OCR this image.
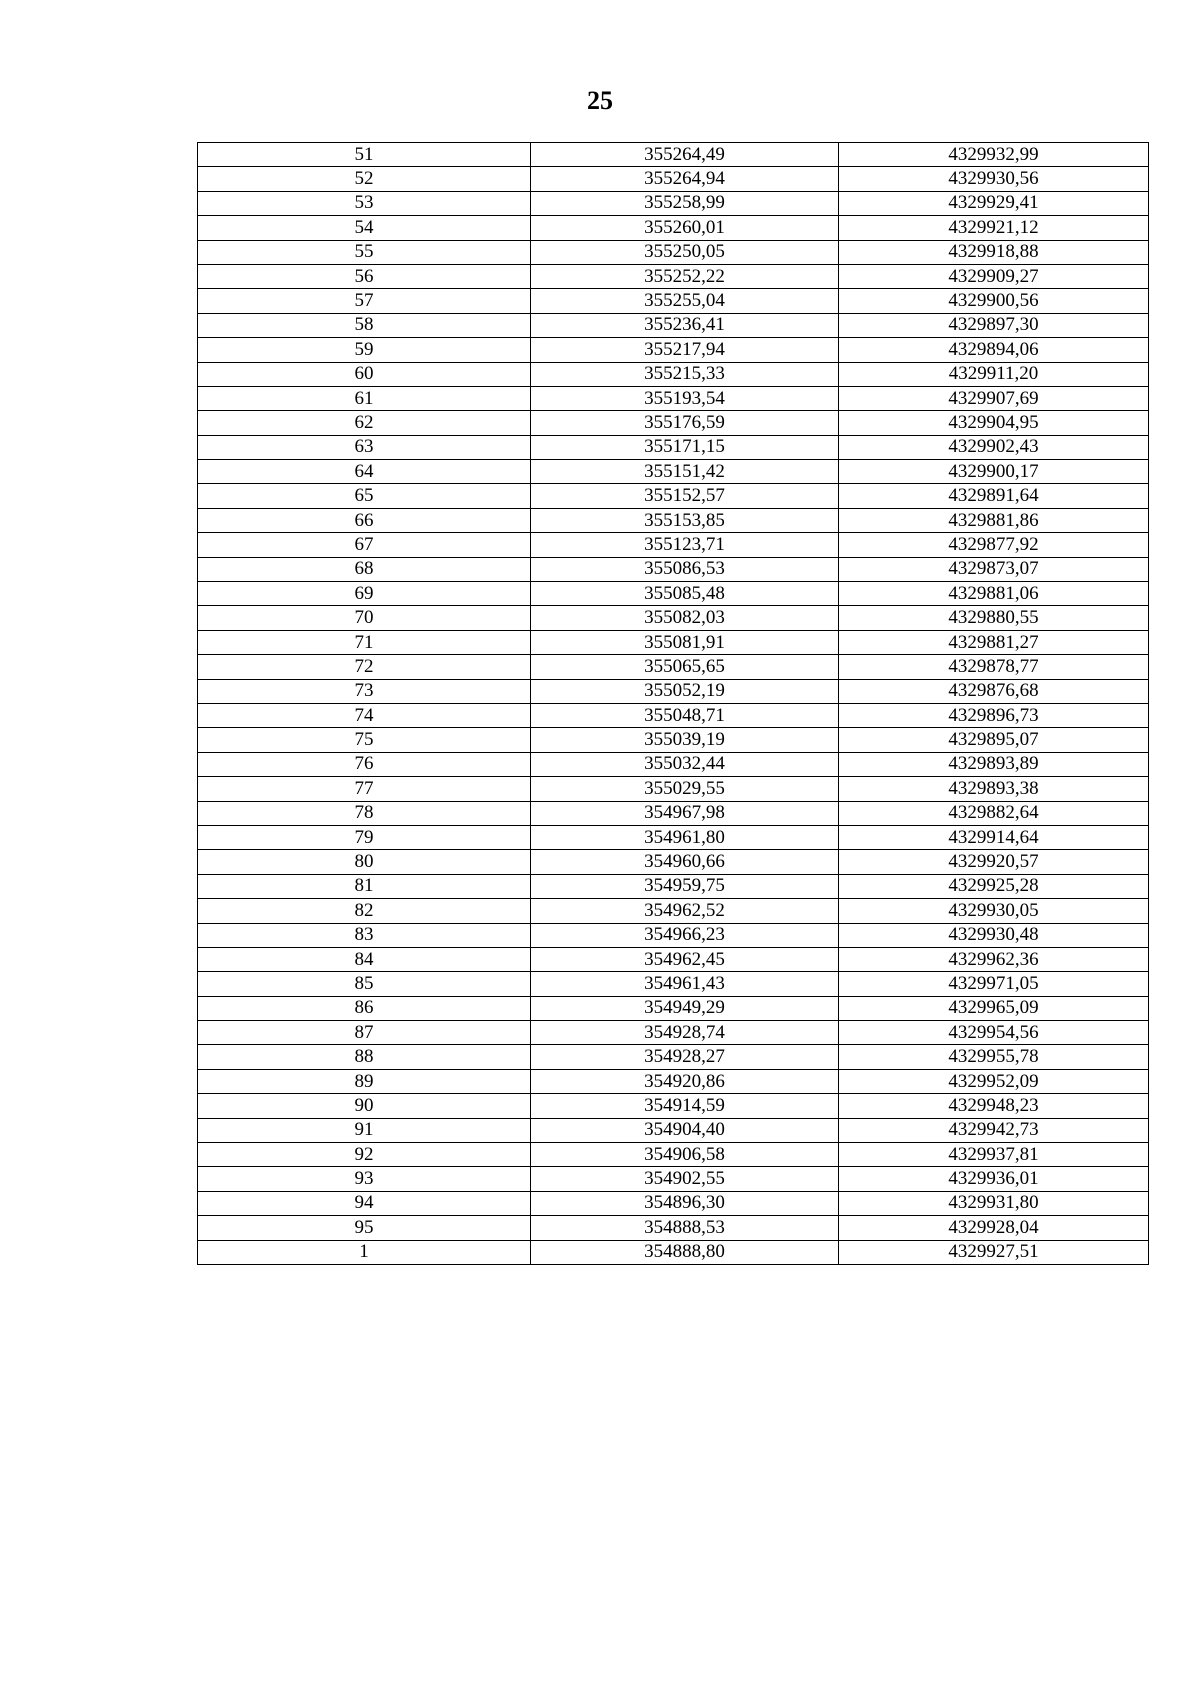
25
51	355264,49	4329932,99
52	355264,94	4329930,56
53	355258,99	4329929,41
54	355260,01	4329921,12
55	355250,05	4329918,88
56	355252,22	4329909,27
57	355255,04	4329900,56
58	355236,41	4329897,30
59	355217,94	4329894,06
60	355215,33	4329911,20
61	355193,54	4329907,69
62	355176,59	4329904,95
63	355171,15	4329902,43
64	355151,42	4329900,17
65	355152,57	4329891,64
66	355153,85	4329881,86
67	355123,71	4329877,92
68	355086,53	4329873,07
69	355085,48	4329881,06
70	355082,03	4329880,55
71	355081,91	4329881,27
72	355065,65	4329878,77
73	355052,19	4329876,68
74	355048,71	4329896,73
75	355039,19	4329895,07
76	355032,44	4329893,89
77	355029,55	4329893,38
78	354967,98	4329882,64
79	354961,80	4329914,64
80	354960,66	4329920,57
81	354959,75	4329925,28
82	354962,52	4329930,05
83	354966,23	4329930,48
84	354962,45	4329962,36
85	354961,43	4329971,05
86	354949,29	4329965,09
87	354928,74	4329954,56
88	354928,27	4329955,78
89	354920,86	4329952,09
90	354914,59	4329948,23
91	354904,40	4329942,73
92	354906,58	4329937,81
93	354902,55	4329936,01
94	354896,30	4329931,80
95	354888,53	4329928,04
1	354888,80	4329927,51
